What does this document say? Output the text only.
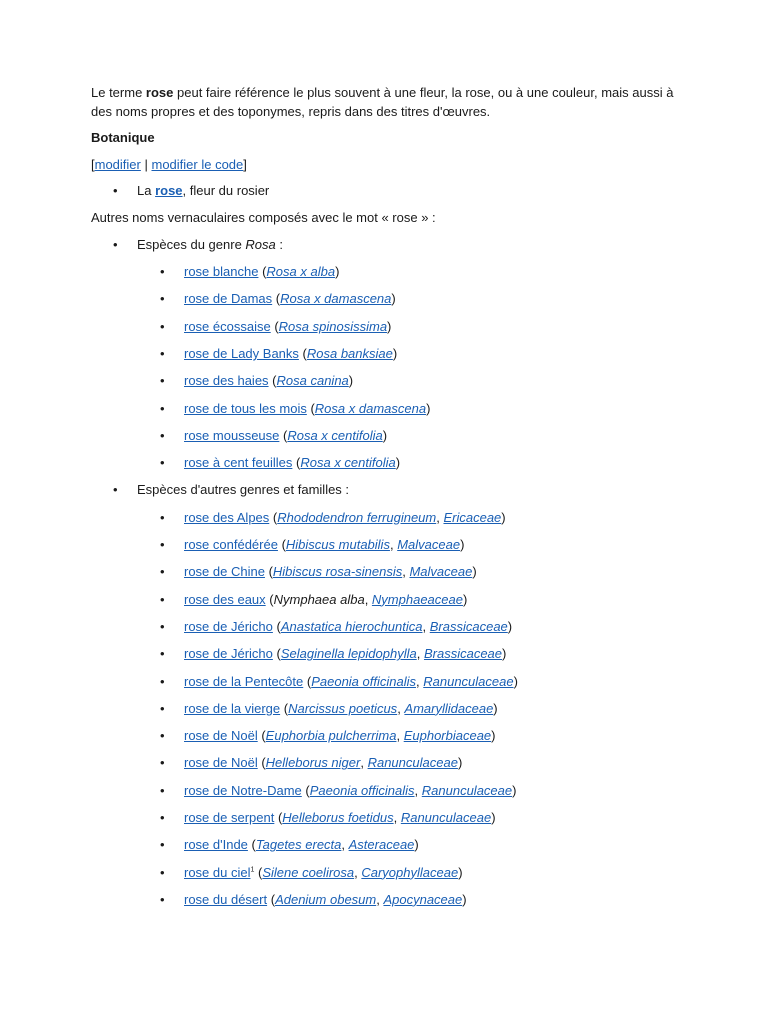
Le terme rose peut faire référence le plus souvent à une fleur, la rose, ou à une couleur, mais aussi à des noms propres et des toponymes, repris dans des titres d'œuvres.

Botanique

[modifier | modifier le code]

• La rose, fleur du rosier

Autres noms vernaculaires composés avec le mot « rose » :

• Espèces du genre Rosa :
• rose blanche (Rosa x alba)
• rose de Damas (Rosa x damascena)
• rose écossaise (Rosa spinosissima)
• rose de Lady Banks (Rosa banksiae)
• rose des haies (Rosa canina)
• rose de tous les mois (Rosa x damascena)
• rose mousseuse (Rosa x centifolia)
• rose à cent feuilles (Rosa x centifolia)
• Espèces d'autres genres et familles :
• rose des Alpes (Rhododendron ferrugineum, Ericaceae)
• rose confédérée (Hibiscus mutabilis, Malvaceae)
• rose de Chine (Hibiscus rosa-sinensis, Malvaceae)
• rose des eaux (Nymphaea alba, Nymphaeaceae)
• rose de Jéricho (Anastatica hierochuntica, Brassicaceae)
• rose de Jéricho (Selaginella lepidophylla, Brassicaceae)
• rose de la Pentecôte (Paeonia officinalis, Ranunculaceae)
• rose de la vierge (Narcissus poeticus, Amaryllidaceae)
• rose de Noël (Euphorbia pulcherrima, Euphorbiaceae)
• rose de Noël (Helleborus niger, Ranunculaceae)
• rose de Notre-Dame (Paeonia officinalis, Ranunculaceae)
• rose de serpent (Helleborus foetidus, Ranunculaceae)
• rose d'Inde (Tagetes erecta, Asteraceae)
• rose du ciel$^1$ (Silene coelirosa, Caryophyllaceae)
• rose du désert (Adenium obesum, Apocynaceae)
